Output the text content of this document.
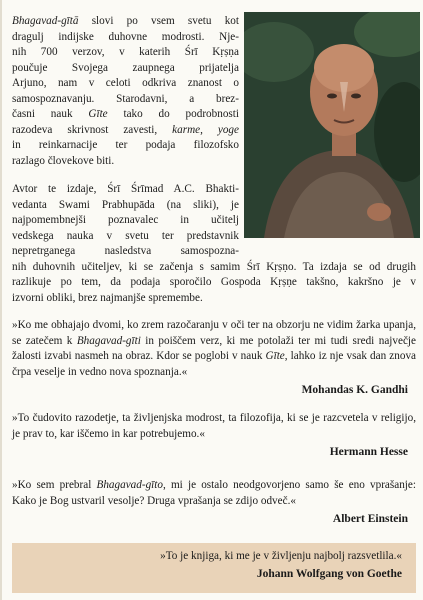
Bhagavad-gītā slovi po vsem svetu kot
dragulj indijske duhovne modrosti. Nje-
nih 700 verzov, v katerih Śrī Kṛṣṇa
poučuje Svojega zaupnega prijatelja
Arjuno, nam v celoti odkriva znanost o
samospoznavanju. Starodavni, a brez-
časni nauk Gīte tako do podrobnosti
razodeva skrivnost zavesti, karme, yoge
in reinkarnacije ter podaja filozofsko
razlago človekove biti.
Avtor te izdaje, Śrī Śrīmad A.C. Bhakti-
vedanta Swami Prabhupāda (na sliki), je
najpomembnejši poznavalec in učitelj
vedskega nauka v svetu ter predstavnik
nepretrganega nasledstva samospozna-
nih duhovnih učiteljev, ki se začenja s samim Śrī Kṛṣṇo. Ta izdaja se od drugih
razlikuje po tem, da podaja sporočilo Gospoda Kṛṣṇe takšno, kakršno je v
izvorni obliki, brez najmanjše spremembe.
»Ko me obhajajo dvomi, ko zrem razočaranju v oči ter na obzorju ne vidim žarka upanja, se zatečem k Bhagavad-gīti in poiščem verz, ki me potolaži ter mi tudi sredi največje žalosti izvabi nasmeh na obraz. Kdor se poglobi v nauk Gīte, lahko iz nje vsak dan znova črpa veselje in vedno nova spoznanja.«
Mohandas K. Gandhi
»To čudovito razodetje, ta življenjska modrost, ta filozofija, ki se je razcvetela v religijo, je prav to, kar iščemo in kar potrebujemo.«
Hermann Hesse
»Ko sem prebral Bhagavad-gīto, mi je ostalo neodgovorjeno samo še eno vprašanje: Kako je Bog ustvaril vesolje? Druga vprašanja se zdijo odveč.«
Albert Einstein
»To je knjiga, ki me je v življenju najbolj razsvetlila.«
Johann Wolfgang von Goethe
